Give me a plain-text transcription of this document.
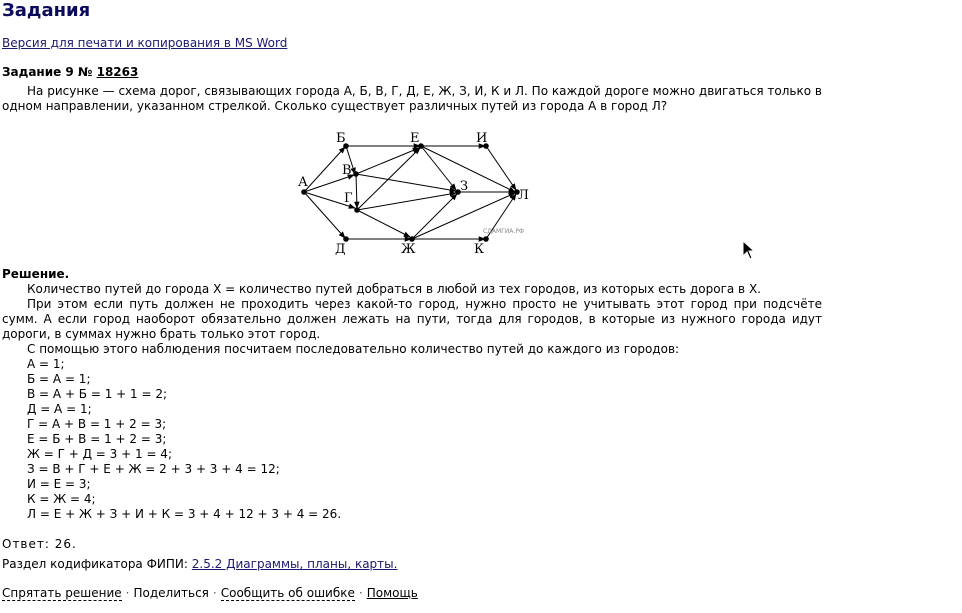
Задания
Версия для печати и копирования в MS Word
Задание 9 № 18263
На рисунке — схема дорог, связывающих города А, Б, В, Г, Д, Е, Ж, З, И, К и Л. По каждой дороге можно двигаться только в одном направлении, указанном стрелкой. Сколько существует различных путей из города А в город Л?
А
Б
В
Г
Д
Е
Ж
З
И
К
Л
СДАМГИА.РФ
Решение.
Количество путей до города X = количество путей добраться в любой из тех городов, из которых есть дорога в X.
При этом если путь должен не проходить через какой-то город, нужно просто не учитывать этот город при подсчёте сумм. А если город наоборот обязательно должен лежать на пути, тогда для городов, в которые из нужного города идут дороги, в суммах нужно брать только этот город.
С помощью этого наблюдения посчитаем последовательно количество путей до каждого из городов:
А = 1;
Б = А = 1;
В = А + Б = 1 + 1 = 2;
Д = А = 1;
Г = А + В = 1 + 2 = 3;
Е = Б + В = 1 + 2 = 3;
Ж = Г + Д = 3 + 1 = 4;
З = В + Г + Е + Ж = 2 + 3 + 3 + 4 = 12;
И = Е = 3;
К = Ж = 4;
Л = Е + Ж + З + И + К = 3 + 4 + 12 + 3 + 4 = 26.
Ответ: 26.
Раздел кодификатора ФИПИ: 2.5.2 Диаграммы, планы, карты.
Спрятать решение · Поделиться · Сообщить об ошибке · Помощь
